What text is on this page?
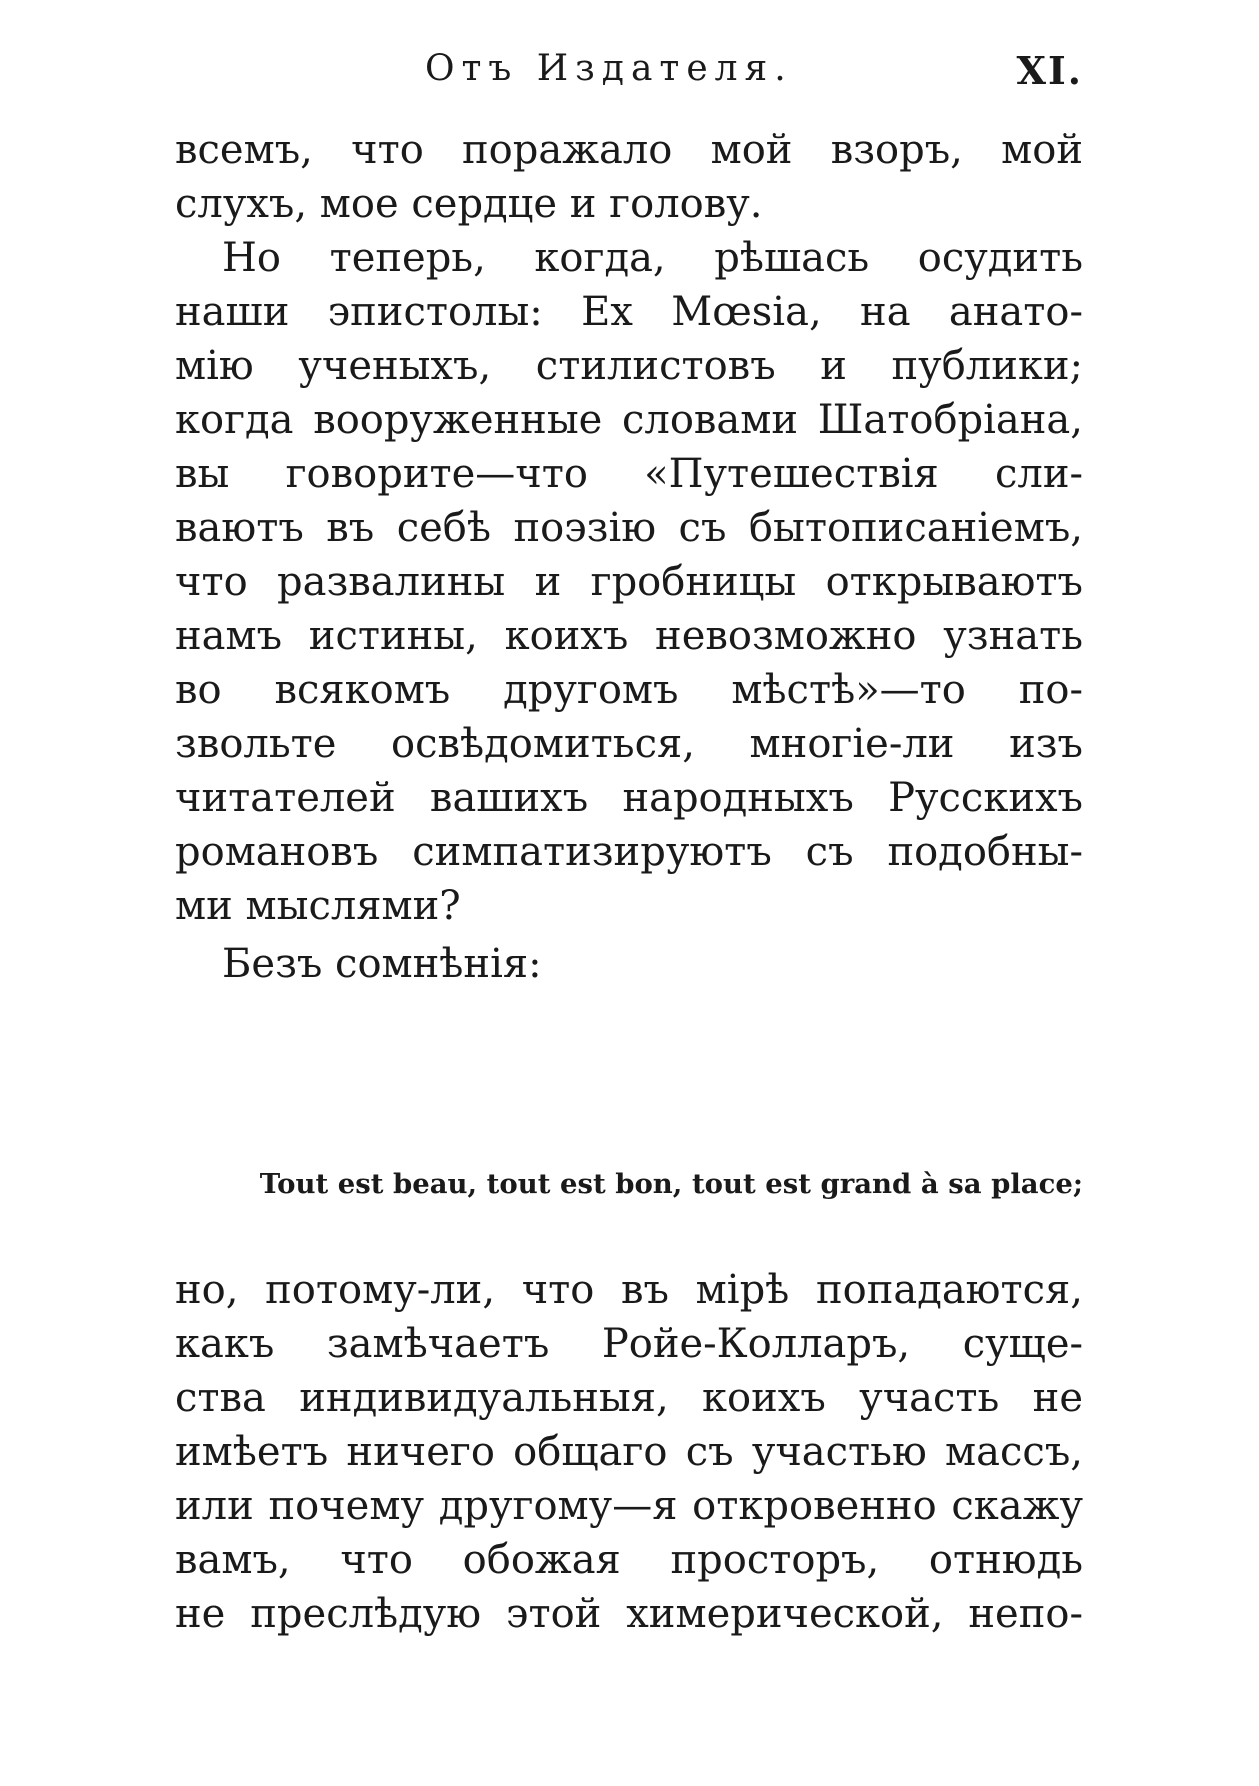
Отъ Издателя.	XI.
всемъ, что поражало мой взоръ, мой
слухъ, мое сердце и голову.
Но теперь, когда, рѣшась осудить
наши эпистолы: Ex Mœsia, на анато-
мію ученыхъ, стилистовъ и публики;
когда вооруженные словами Шатобріана,
вы говорите—что «Путешествія сли-
ваютъ въ себѣ поэзію съ бытописаніемъ,
что развалины и гробницы открываютъ
намъ истины, коихъ невозможно узнать
во всякомъ другомъ мѣстѣ»—то по-
звольте освѣдомиться, многіе-ли изъ
читателей вашихъ народныхъ Русскихъ
романовъ симпатизируютъ съ подобны-
ми мыслями?
Безъ сомнѣнія:
Tout est beau, tout est bon, tout est grand à sa place;
но, потому-ли, что въ мірѣ попадаются,
какъ замѣчаетъ Ройе-Колларъ, суще-
ства индивидуальныя, коихъ участь не
имѣетъ ничего общаго съ участью массъ,
или почему другому—я откровенно скажу
вамъ, что обожая просторъ, отнюдь
не преслѣдую этой химерической, непо-
